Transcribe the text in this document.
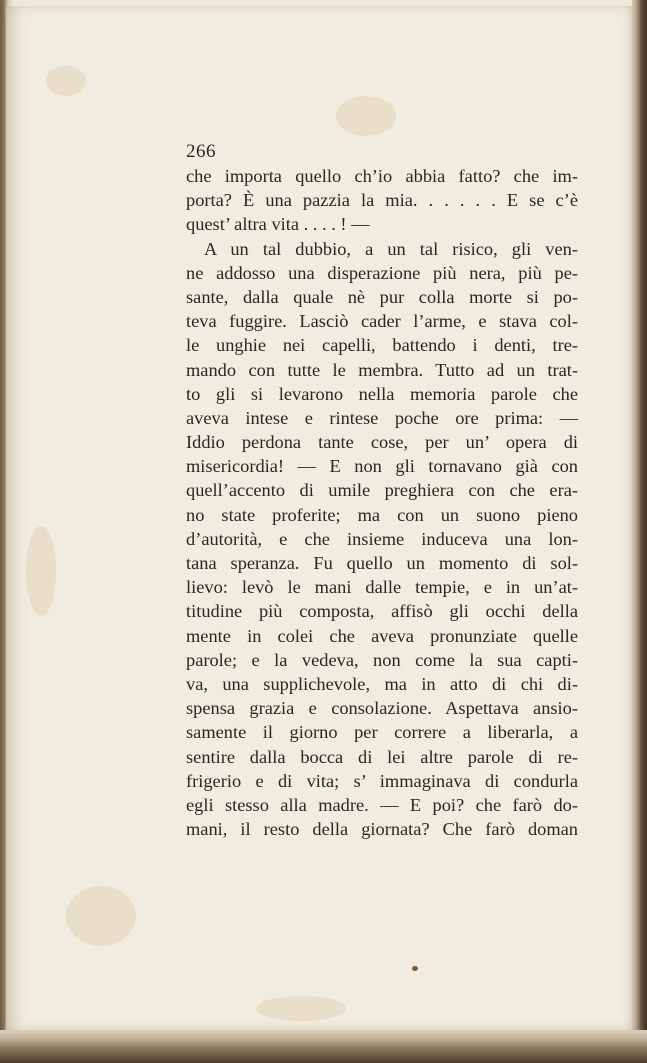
266
che importa quello ch’io abbia fatto? che im-
porta? È una pazzia la mia. . . . . . E se c’è
quest’ altra vita . . . . ! —
A un tal dubbio, a un tal risico, gli ven-
ne addosso una disperazione più nera, più pe-
sante, dalla quale nè pur colla morte si po-
teva fuggire. Lasciò cader l’arme, e stava col-
le unghie nei capelli, battendo i denti, tre-
mando con tutte le membra. Tutto ad un trat-
to gli si levarono nella memoria parole che
aveva intese e rintese poche ore prima: —
Iddio perdona tante cose, per un’ opera di
misericordia! — E non gli tornavano già con
quell’accento di umile preghiera con che era-
no state proferite; ma con un suono pieno
d’autorità, e che insieme induceva una lon-
tana speranza. Fu quello un momento di sol-
lievo: levò le mani dalle tempie, e in un’at-
titudine più composta, affisò gli occhi della
mente in colei che aveva pronunziate quelle
parole; e la vedeva, non come la sua capti-
va, una supplichevole, ma in atto di chi di-
spensa grazia e consolazione. Aspettava ansio-
samente il giorno per correre a liberarla, a
sentire dalla bocca di lei altre parole di re-
frigerio e di vita; s’ immaginava di condurla
egli stesso alla madre. — E poi? che farò do-
mani, il resto della giornata? Che farò doman
